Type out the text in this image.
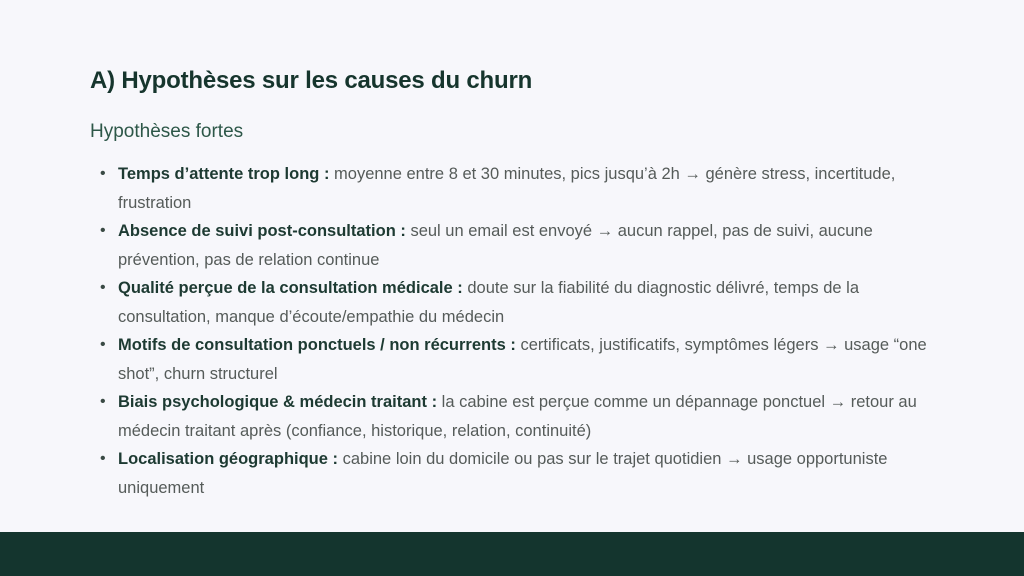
A) Hypothèses sur les causes du churn
Hypothèses fortes
• Temps d’attente trop long : moyenne entre 8 et 30 minutes, pics jusqu’à 2h → génère stress, incertitude, frustration
• Absence de suivi post-consultation : seul un email est envoyé → aucun rappel, pas de suivi, aucune prévention, pas de relation continue
• Qualité perçue de la consultation médicale : doute sur la fiabilité du diagnostic délivré, temps de la consultation, manque d’écoute/empathie du médecin
• Motifs de consultation ponctuels / non récurrents : certificats, justificatifs, symptômes légers → usage “one shot”, churn structurel
• Biais psychologique & médecin traitant : la cabine est perçue comme un dépannage ponctuel → retour au médecin traitant après (confiance, historique, relation, continuité)
• Localisation géographique : cabine loin du domicile ou pas sur le trajet quotidien → usage opportuniste uniquement
